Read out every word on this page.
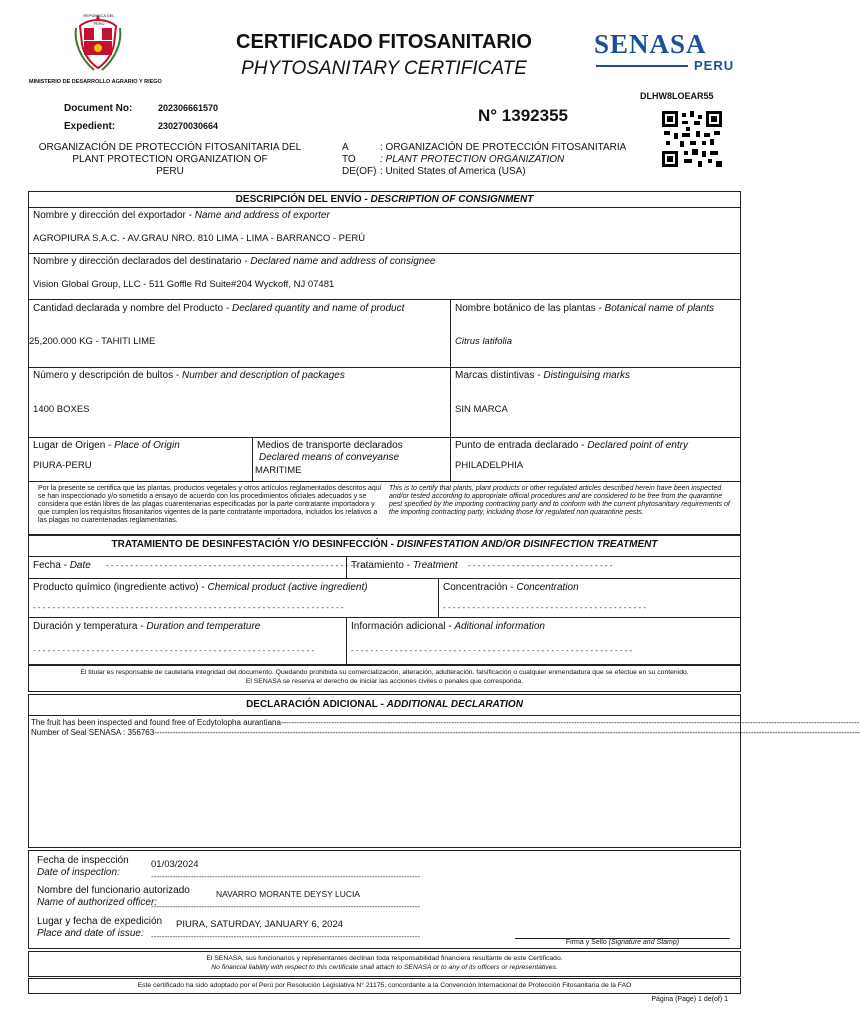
REPÚBLICA DEL PERÚ
MINISTERIO DE DESARROLLO AGRARIO Y RIEGO
CERTIFICADO FITOSANITARIO
PHYTOSANITARY CERTIFICATE
SENASA
PERU
DLHW8LOEAR55
Document No:	202306661570
Expedient:	230270030664
N° 1392355
ORGANIZACIÓN DE PROTECCIÓN FITOSANITARIA DEL
PLANT PROTECTION ORGANIZATION OF
PERU
A
TO
DE(OF)
: ORGANIZACIÓN DE PROTECCIÓN FITOSANITARIA
: PLANT PROTECTION ORGANIZATION
: United States of America (USA)
DESCRIPCIÓN DEL ENVÍO - DESCRIPTION OF CONSIGNMENT
Nombre y dirección del exportador - Name and address of exporter
AGROPIURA S.A.C. - AV.GRAU NRO. 810 LIMA - LIMA - BARRANCO - PERÚ
Nombre y dirección declarados del destinatario - Declared name and address of consignee
Vision Global Group, LLC - 511 Goffle Rd Suite#204 Wyckoff, NJ 07481
Cantidad declarada y nombre del Producto - Declared quantity and name of product
25,200.000 KG - TAHITI LIME
Nombre botánico de las plantas - Botanical name of plants
Citrus latifolia
Número y descripción de bultos - Number and description of packages
1400 BOXES
Marcas distintivas - Distinguising marks
SIN MARCA
Lugar de Origen - Place of Origin
PIURA-PERU
Medios de transporte declarados
Declared means of conveyanse
MARITIME
Punto de entrada declarado - Declared point of entry
PHILADELPHIA
Por la presente se certifica que las plantas, productos vegetales y otros artículos reglamentados descritos aquí se han inspeccionado y/o sometido a ensayo de acuerdo con los procedimientos oficiales adecuados y se considera que están libres de las plagas cuarentenarias especificadas por la parte contratante importadora y que cumplen los requisitos fitosanitarios vigentes de la parte contratante importadora, incluidos los relativos a las plagas no cuarentenadas reglamentarias.
This is to certify that plants, plant products or other regulated articles described herein have been inspected and/or tested according to appropriate official procedures and are considered to be free from the quarantine pest specified by the importing contracting party and to conform with the current phytosanitary requirements of the importing contracting party, including those for regulated non quarantine pests.
TRATAMIENTO DE DESINFESTACIÓN Y/O DESINFECCIÓN - DISINFESTATION AND/OR DISINFECTION TREATMENT
Fecha - Date - - - - - - - - - - - - - - - - - - - - - - - - - - - - - - - - - - - - - - - - - - - - - - - - - - - - - -
Tratamiento - Treatment - - - - - - - - - - - - - - - - - - - - - - - - - - - - - -
Producto químico (ingrediente activo) - Chemical product (active ingredient)
- - - - - - - - - - - - - - - - - - - - - - - - - - - - - - - - - - - - - - - - - - - - - - - - - - - - - - - - - - - - - - - -
Concentración - Concentration
- - - - - - - - - - - - - - - - - - - - - - - - - - - - - - - - - - - - - - - - - -
Duración y temperatura - Duration and temperature
- - - - - - - - - - - - - - - - - - - - - - - - - - - - - - - - - - - - - - - - - - - - - - - - - - - - - - - - - -
Información adicional - Aditional information
- - - - - - - - - - - - - - - - - - - - - - - - - - - - - - - - - - - - - - - - - - - - - - - - - - - - - - - - - -
El titular es responsable de cautelarla integridad del documento. Quedando prohibida su comercialización, alteración, adulteración, falsificación o cualquier enmendadura que se efectue en su contenido.
El SENASA se reserva el derecho de iniciar las acciones civiles o penales que corresponda.
DECLARACIÓN ADICIONAL - ADDITIONAL DECLARATION
The fruit has been inspected and found free of Ecdytolopha aurantiana-------------------------------------------------------------------------------------------------------------------------------------------------------------------------------------------------------------------------
Number of Seal SENASA : 356763-------------------------------------------------------------------------------------------------------------------------------------------------------------------------------------------------------------------------------------------------------------------------
Fecha de inspección
Date of inspection:
01/03/2024
-----------------------------------------------------------------------------------------------------
Nombre del funcionario autorizado
Name of authorized officer:
NAVARRO MORANTE DEYSY LUCIA
-----------------------------------------------------------------------------------------------------
Lugar y fecha de expedición
Place and date of issue:
PIURA, SATURDAY, JANUARY 6, 2024
-----------------------------------------------------------------------------------------------------
Firma y Sello (Signature and Stamp)
El SENASA, sus funcionarios y representantes declinan toda responsabilidad financiera resultante de este Certificado.
No financial liability with respect to this certificate shall attach to SENASA or to any of its officers or representatives.
Este certificado ha sido adoptado por el Perú por Resolución Legislativa N° 21175, concordante a la Convención Internacional de Protección Fitosanitaria de la FAO
Página (Page) 1 de(of) 1
